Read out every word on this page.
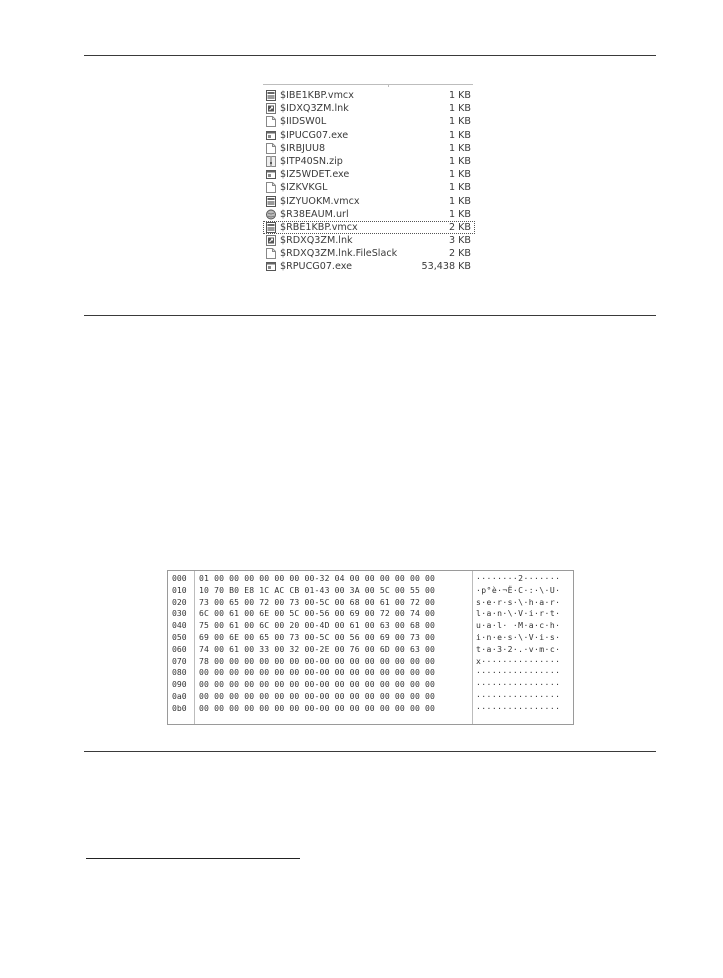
$IBE1KBP.vmcx	1 KB
$IDXQ3ZM.lnk	1 KB
$IIDSW0L	1 KB
$IPUCG07.exe	1 KB
$IRBJUU8	1 KB
$ITP40SN.zip	1 KB
$IZ5WDET.exe	1 KB
$IZKVKGL	1 KB
$IZYUOKM.vmcx	1 KB
$R38EAUM.url	1 KB
$RBE1KBP.vmcx	2 KB
$RDXQ3ZM.lnk	3 KB
$RDXQ3ZM.lnk.FileSlack	2 KB
$RPUCG07.exe	53,438 KB
000 01 00 00 00 00 00 00 00-32 04 00 00 00 00 00 00	········2·······
010 10 70 B0 E8 1C AC CB 01-43 00 3A 00 5C 00 55 00	·p°è·¬Ë·C·:·\·U·
020 73 00 65 00 72 00 73 00-5C 00 68 00 61 00 72 00	s·e·r·s·\·h·a·r·
030 6C 00 61 00 6E 00 5C 00-56 00 69 00 72 00 74 00	l·a·n·\·V·i·r·t·
040 75 00 61 00 6C 00 20 00-4D 00 61 00 63 00 68 00	u·a·l· ·M·a·c·h·
050 69 00 6E 00 65 00 73 00-5C 00 56 00 69 00 73 00	i·n·e·s·\·V·i·s·
060 74 00 61 00 33 00 32 00-2E 00 76 00 6D 00 63 00	t·a·3·2·.·v·m·c·
070 78 00 00 00 00 00 00 00-00 00 00 00 00 00 00 00	x···············
080 00 00 00 00 00 00 00 00-00 00 00 00 00 00 00 00	················
090 00 00 00 00 00 00 00 00-00 00 00 00 00 00 00 00	················
0a0 00 00 00 00 00 00 00 00-00 00 00 00 00 00 00 00	················
0b0 00 00 00 00 00 00 00 00-00 00 00 00 00 00 00 00	················
